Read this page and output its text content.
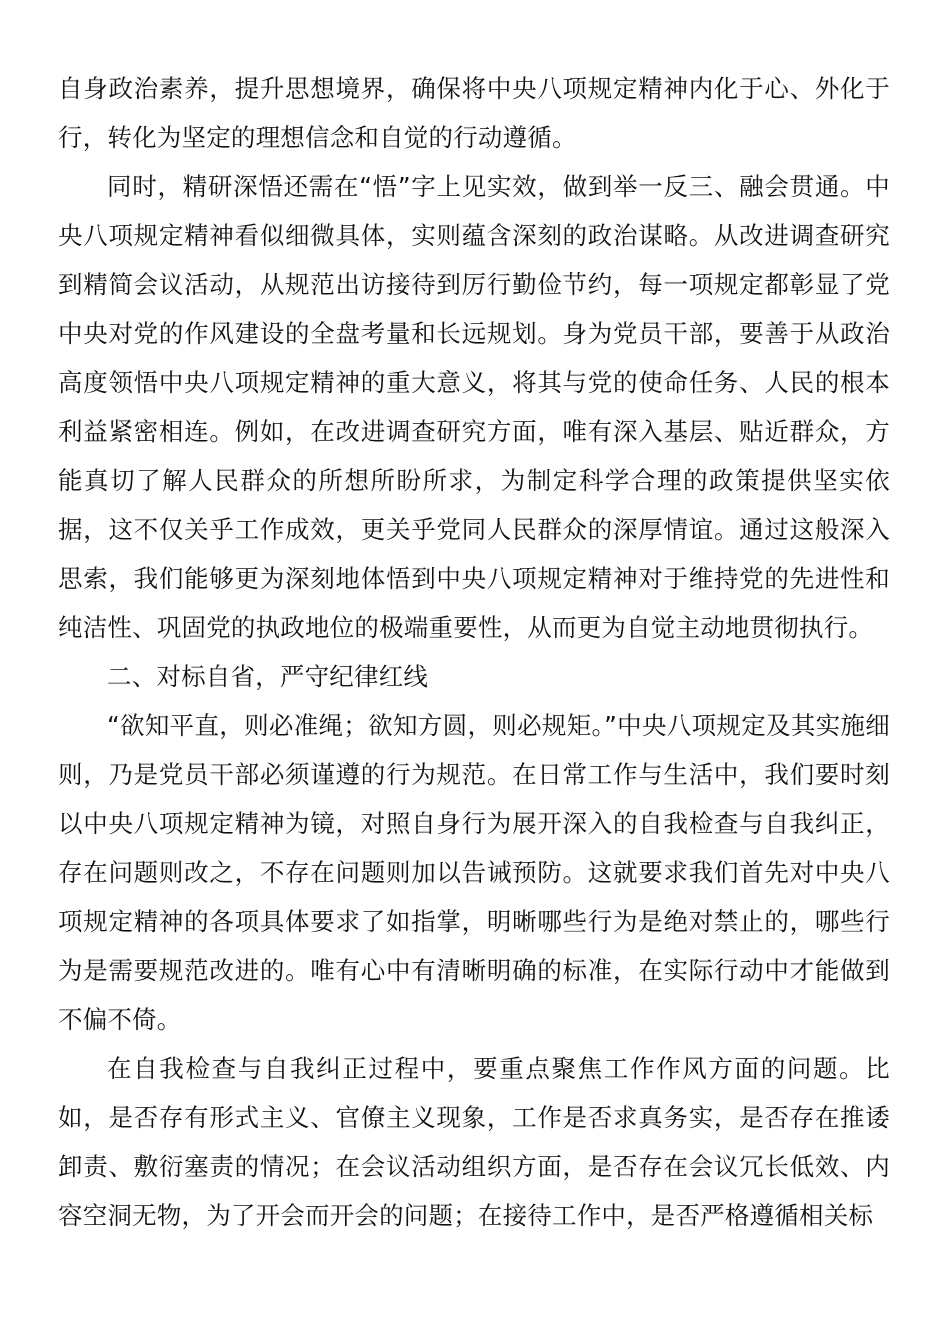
自身政治素养，提升思想境界，确保将中央八项规定精神内化于心、外化于行，转化为坚定的理想信念和自觉的行动遵循。

同时，精研深悟还需在“悟”字上见实效，做到举一反三、融会贯通。中央八项规定精神看似细微具体，实则蕴含深刻的政治谋略。从改进调查研究到精简会议活动，从规范出访接待到厉行勤俭节约，每一项规定都彰显了党中央对党的作风建设的全盘考量和长远规划。身为党员干部，要善于从政治高度领悟中央八项规定精神的重大意义，将其与党的使命任务、人民的根本利益紧密相连。例如，在改进调查研究方面，唯有深入基层、贴近群众，方能真切了解人民群众的所想所盼所求，为制定科学合理的政策提供坚实依据，这不仅关乎工作成效，更关乎党同人民群众的深厚情谊。通过这般深入思索，我们能够更为深刻地体悟到中央八项规定精神对于维持党的先进性和纯洁性、巩固党的执政地位的极端重要性，从而更为自觉主动地贯彻执行。

二、对标自省，严守纪律红线

“欲知平直，则必准绳；欲知方圆，则必规矩。”中央八项规定及其实施细则，乃是党员干部必须谨遵的行为规范。在日常工作与生活中，我们要时刻以中央八项规定精神为镜，对照自身行为展开深入的自我检查与自我纠正，存在问题则改之，不存在问题则加以告诫预防。这就要求我们首先对中央八项规定精神的各项具体要求了如指掌，明晰哪些行为是绝对禁止的，哪些行为是需要规范改进的。唯有心中有清晰明确的标准，在实际行动中才能做到不偏不倚。

在自我检查与自我纠正过程中，要重点聚焦工作作风方面的问题。比如，是否存有形式主义、官僚主义现象，工作是否求真务实，是否存在推诿卸责、敷衍塞责的情况；在会议活动组织方面，是否存在会议冗长低效、内容空洞无物，为了开会而开会的问题；在接待工作中，是否严格遵循相关标
